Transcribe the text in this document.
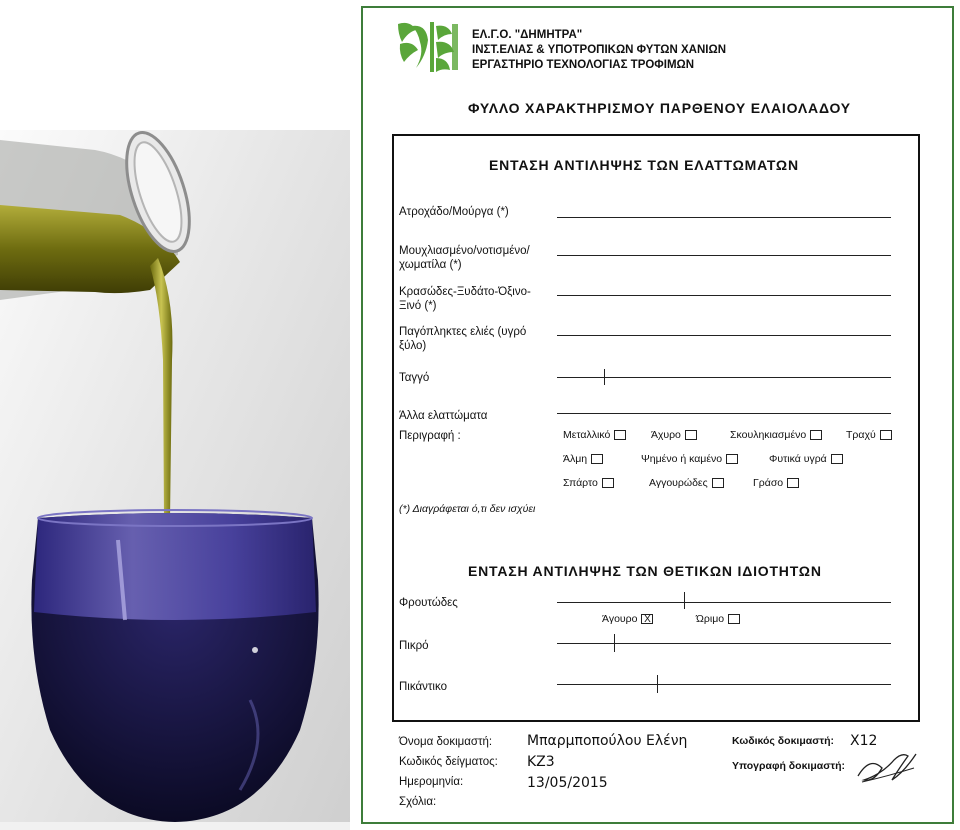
ΕΛ.Γ.Ο. "ΔΗΜΗΤΡΑ"
ΙΝΣΤ.ΕΛΙΑΣ & ΥΠΟΤΡΟΠΙΚΩΝ ΦΥΤΩΝ ΧΑΝΙΩΝ
ΕΡΓΑΣΤΗΡΙΟ ΤΕΧΝΟΛΟΓΙΑΣ ΤΡΟΦΙΜΩΝ
ΦΥΛΛΟ ΧΑΡΑΚΤΗΡΙΣΜΟΥ ΠΑΡΘΕΝΟΥ ΕΛΑΙΟΛΑΔΟΥ
ΕΝΤΑΣΗ ΑΝΤΙΛΗΨΗΣ ΤΩΝ ΕΛΑΤΤΩΜΑΤΩΝ
Ατροχάδο/Μούργα (*)
Μουχλιασμένο/νοτισμένο/
χωματίλα (*)
Κρασώδες-Ξυδάτο-Όξινο-
Ξινό (*)
Παγόπληκτες ελιές (υγρό
ξύλο)
Ταγγό
Άλλα ελαττώματα
Περιγραφή :	Μεταλλικό	Άχυρο	Σκουληκιασμένο	Τραχύ
Άλμη	Ψημένο ή καμένο	Φυτικά υγρά
Σπάρτο	Αγγουρώδες	Γράσο
(*) Διαγράφεται ό,τι δεν ισχύει
ΕΝΤΑΣΗ ΑΝΤΙΛΗΨΗΣ ΤΩΝ ΘΕΤΙΚΩΝ ΙΔΙΟΤΗΤΩΝ
Φρουτώδες
Άγουρο X	Ώριμο
Πικρό
Πικάντικο
Όνομα δοκιμαστή: Μπαρμποπούλου Ελένη
Κωδικός δείγματος: KZ3
Ημερομηνία:	13/05/2015
Σχόλια:
Κωδικός δοκιμαστή: X12
Υπογραφή δοκιμαστή:
